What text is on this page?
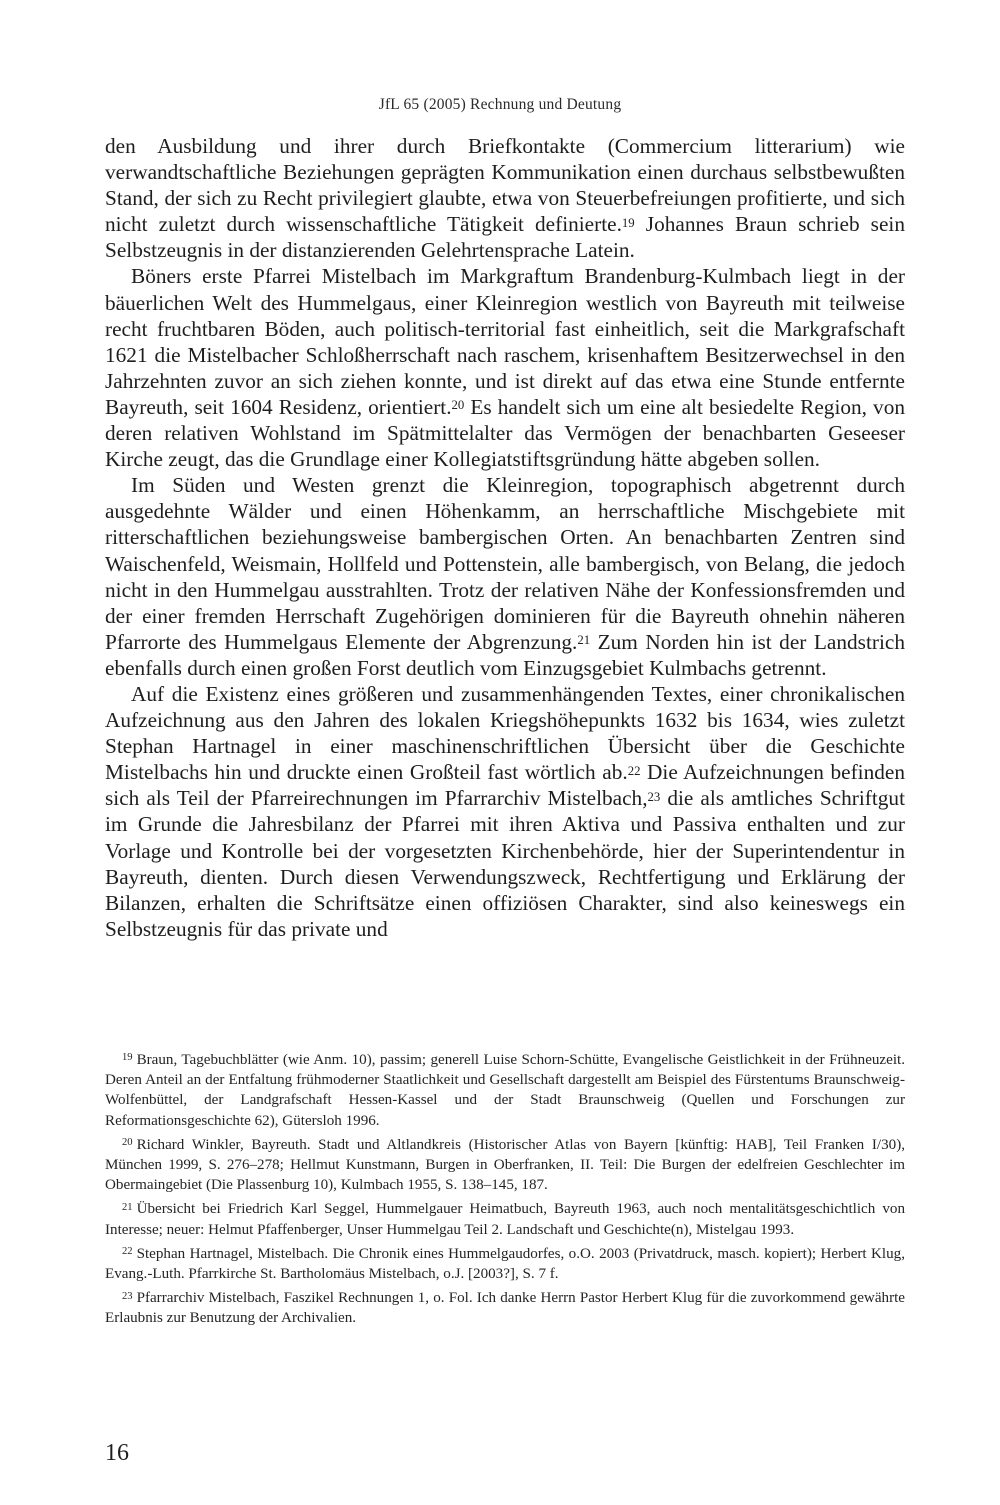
JfL 65 (2005) Rechnung und Deutung

den Ausbildung und ihrer durch Briefkontakte (Commercium litterarium) wie verwandtschaftliche Beziehungen geprägten Kommunikation einen durchaus selbstbewußten Stand, der sich zu Recht privilegiert glaubte, etwa von Steuerbefreiungen profitierte, und sich nicht zuletzt durch wissenschaftliche Tätigkeit definierte.$^{19}$ Johannes Braun schrieb sein Selbstzeugnis in der distanzierenden Gelehrtensprache Latein.

Böners erste Pfarrei Mistelbach im Markgraftum Brandenburg-Kulmbach liegt in der bäuerlichen Welt des Hummelgaus, einer Kleinregion westlich von Bayreuth mit teilweise recht fruchtbaren Böden, auch politisch-territorial fast einheitlich, seit die Markgrafschaft 1621 die Mistelbacher Schloßherrschaft nach raschem, krisenhaftem Besitzerwechsel in den Jahrzehnten zuvor an sich ziehen konnte, und ist direkt auf das etwa eine Stunde entfernte Bayreuth, seit 1604 Residenz, orientiert.$^{20}$ Es handelt sich um eine alt besiedelte Region, von deren relativen Wohlstand im Spätmittelalter das Vermögen der benachbarten Geseeser Kirche zeugt, das die Grundlage einer Kollegiatstiftsgründung hätte abgeben sollen.

Im Süden und Westen grenzt die Kleinregion, topographisch abgetrennt durch ausgedehnte Wälder und einen Höhenkamm, an herrschaftliche Mischgebiete mit ritterschaftlichen beziehungsweise bambergischen Orten. An benachbarten Zentren sind Waischenfeld, Weismain, Hollfeld und Pottenstein, alle bambergisch, von Belang, die jedoch nicht in den Hummelgau ausstrahlten. Trotz der relativen Nähe der Konfessionsfremden und der einer fremden Herrschaft Zugehörigen dominieren für die Bayreuth ohnehin näheren Pfarrorte des Hummelgaus Elemente der Abgrenzung.$^{21}$ Zum Norden hin ist der Landstrich ebenfalls durch einen großen Forst deutlich vom Einzugsgebiet Kulmbachs getrennt.

Auf die Existenz eines größeren und zusammenhängenden Textes, einer chronikalischen Aufzeichnung aus den Jahren des lokalen Kriegshöhepunkts 1632 bis 1634, wies zuletzt Stephan Hartnagel in einer maschinenschriftlichen Übersicht über die Geschichte Mistelbachs hin und druckte einen Großteil fast wörtlich ab.$^{22}$ Die Aufzeichnungen befinden sich als Teil der Pfarreirechnungen im Pfarrarchiv Mistelbach,$^{23}$ die als amtliches Schriftgut im Grunde die Jahresbilanz der Pfarrei mit ihren Aktiva und Passiva enthalten und zur Vorlage und Kontrolle bei der vorgesetzten Kirchenbehörde, hier der Superintendentur in Bayreuth, dienten. Durch diesen Verwendungszweck, Rechtfertigung und Erklärung der Bilanzen, erhalten die Schriftsätze einen offiziösen Charakter, sind also keineswegs ein Selbstzeugnis für das private und

$^{19}$ Braun, Tagebuchblätter (wie Anm. 10), passim; generell Luise Schorn-Schütte, Evangelische Geistlichkeit in der Frühneuzeit. Deren Anteil an der Entfaltung frühmoderner Staatlichkeit und Gesellschaft dargestellt am Beispiel des Fürstentums Braunschweig-Wolfenbüttel, der Landgrafschaft Hessen-Kassel und der Stadt Braunschweig (Quellen und Forschungen zur Reformationsgeschichte 62), Gütersloh 1996.

$^{20}$ Richard Winkler, Bayreuth. Stadt und Altlandkreis (Historischer Atlas von Bayern [künftig: HAB], Teil Franken I/30), München 1999, S. 276–278; Hellmut Kunstmann, Burgen in Oberfranken, II. Teil: Die Burgen der edelfreien Geschlechter im Obermaingebiet (Die Plassenburg 10), Kulmbach 1955, S. 138–145, 187.

$^{21}$ Übersicht bei Friedrich Karl Seggel, Hummelgauer Heimatbuch, Bayreuth 1963, auch noch mentalitätsgeschichtlich von Interesse; neuer: Helmut Pfaffenberger, Unser Hummelgau Teil 2. Landschaft und Geschichte(n), Mistelgau 1993.

$^{22}$ Stephan Hartnagel, Mistelbach. Die Chronik eines Hummelgaudorfes, o.O. 2003 (Privatdruck, masch. kopiert); Herbert Klug, Evang.-Luth. Pfarrkirche St. Bartholomäus Mistelbach, o.J. [2003?], S. 7 f.

$^{23}$ Pfarrarchiv Mistelbach, Faszikel Rechnungen 1, o. Fol. Ich danke Herrn Pastor Herbert Klug für die zuvorkommend gewährte Erlaubnis zur Benutzung der Archivalien.

16
